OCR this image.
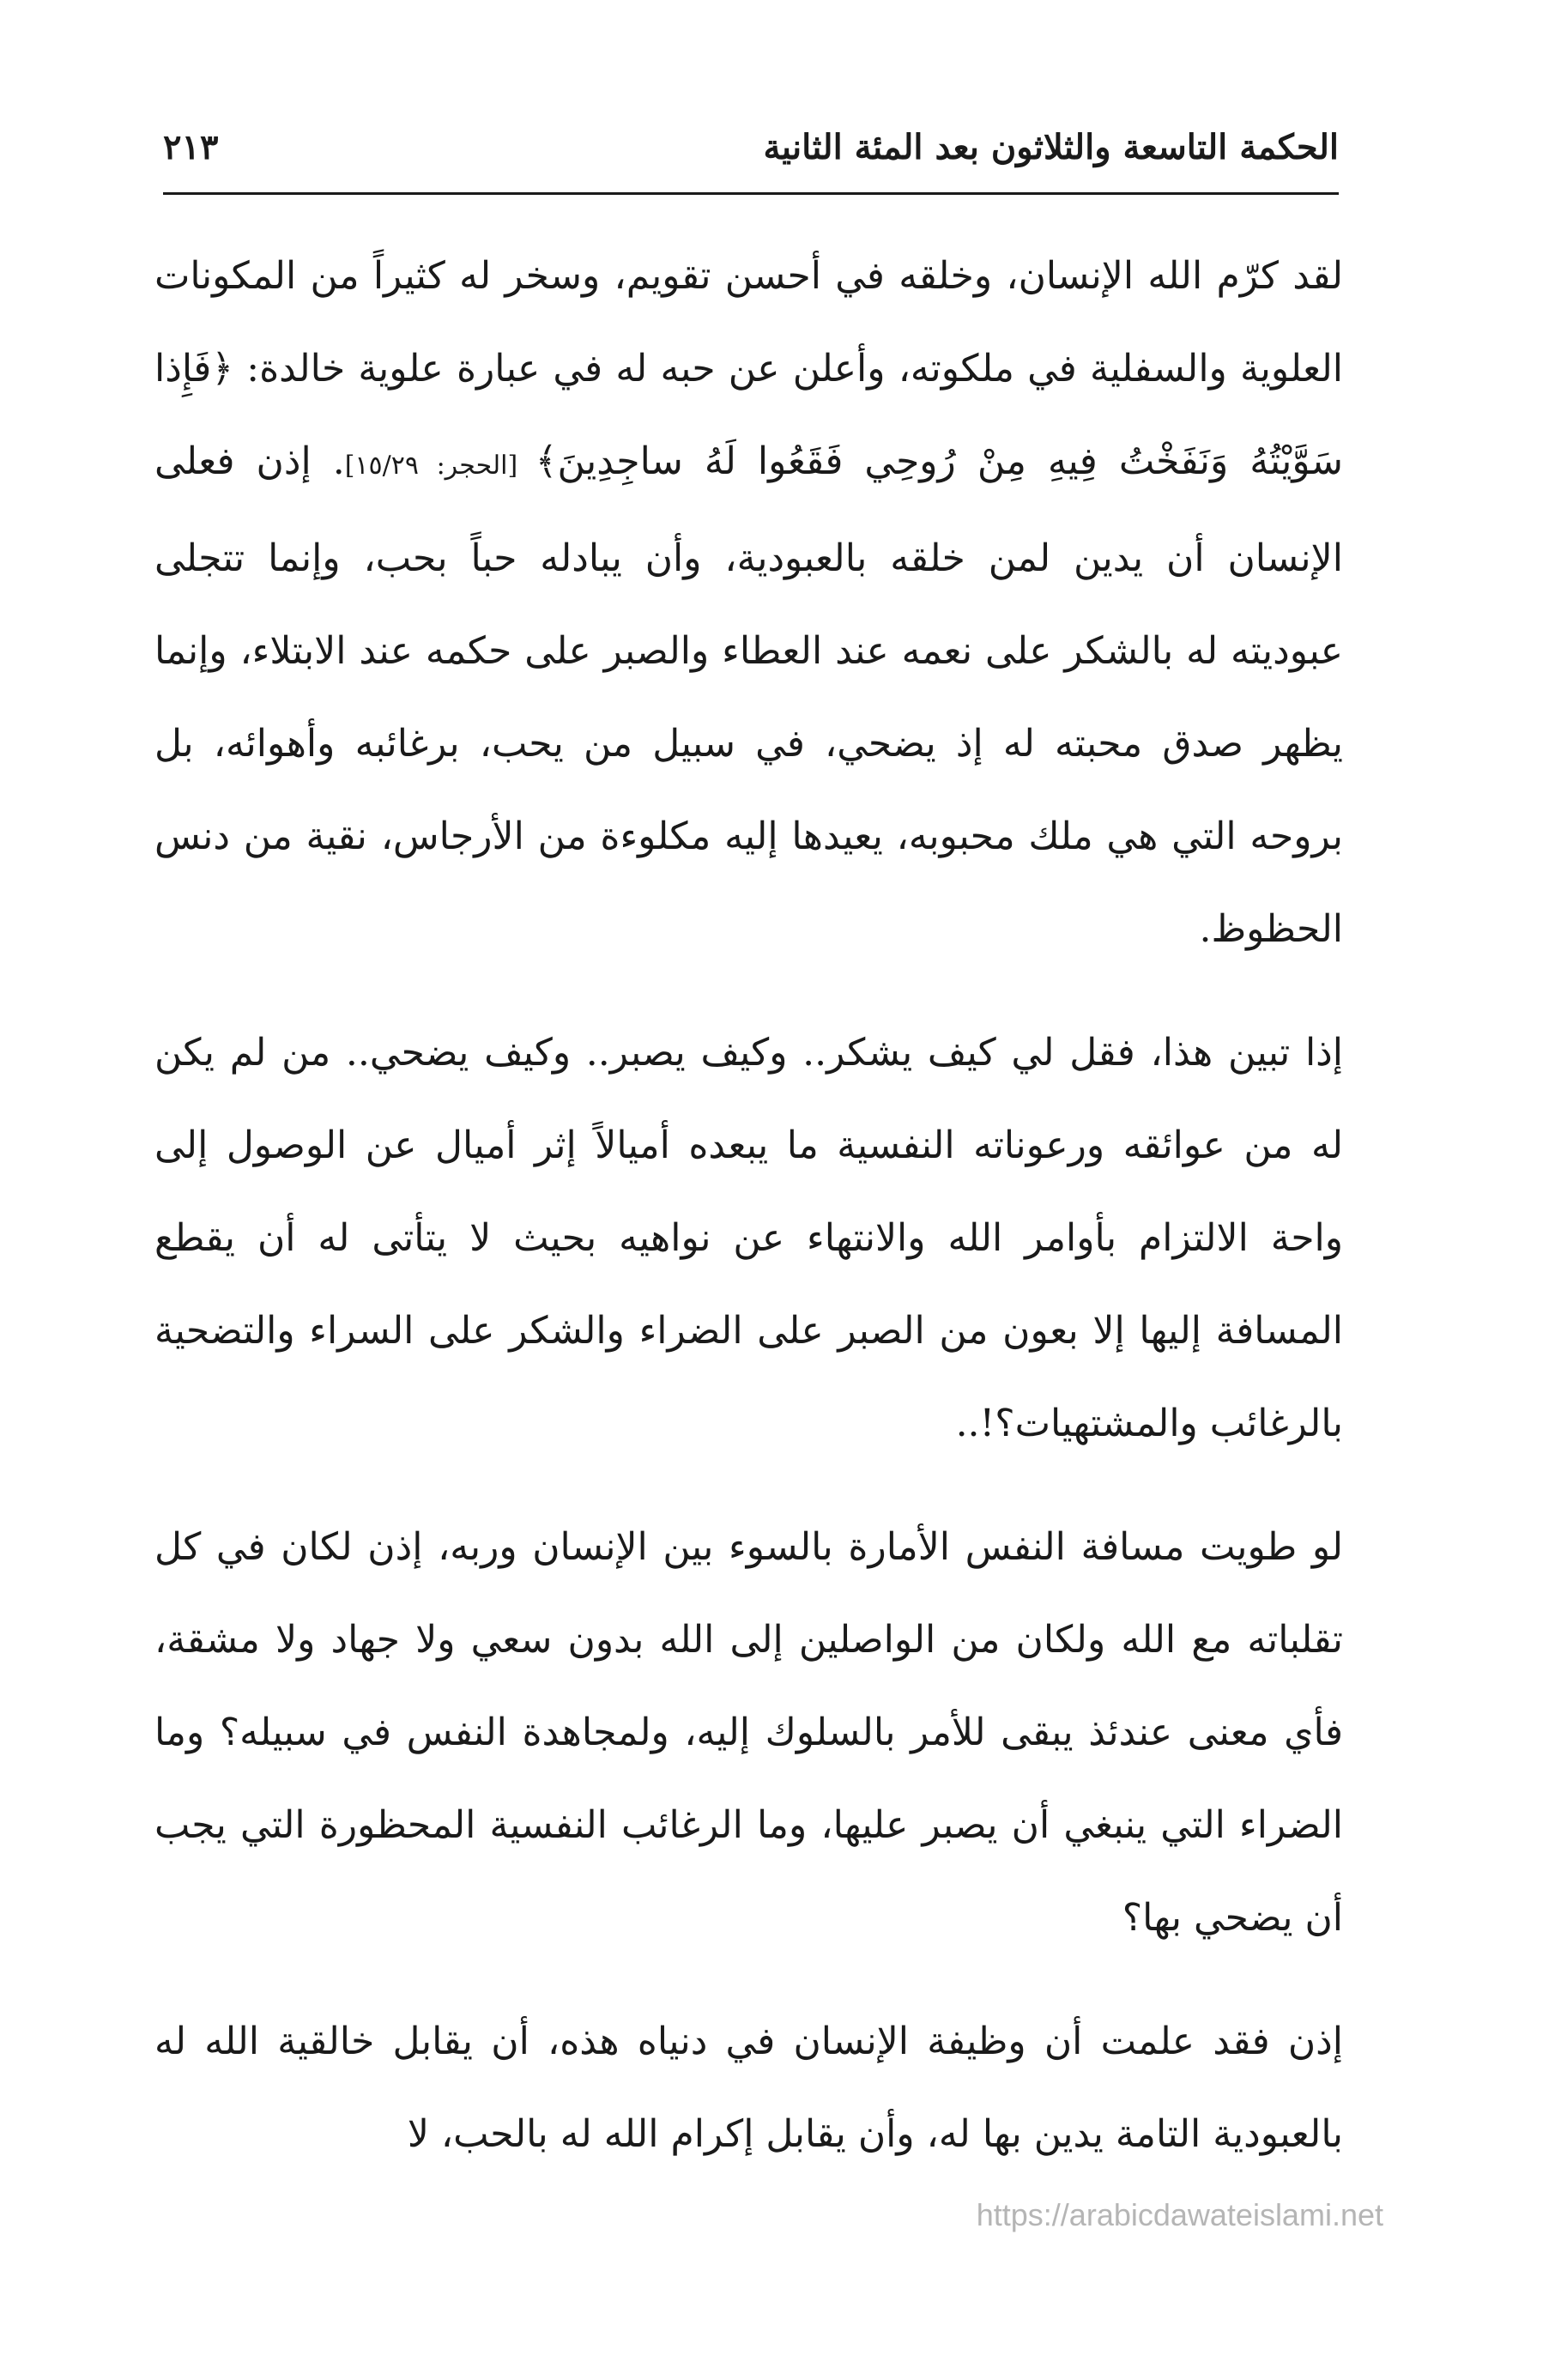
الحكمة التاسعة والثلاثون بعد المئة الثانية
٢١٣

لقد كرّم الله الإنسان، وخلقه في أحسن تقويم، وسخر له كثيراً من المكونات العلوية والسفلية في ملكوته، وأعلن عن حبه له في عبارة علوية خالدة: ﴿فَإِذا سَوَّيْتُهُ وَنَفَخْتُ فِيهِ مِنْ رُوحِي فَقَعُوا لَهُ ساجِدِينَ﴾ [الحجر: ١٥/٢٩]. إذن فعلى الإنسان أن يدين لمن خلقه بالعبودية، وأن يبادله حباً بحب، وإنما تتجلى عبوديته له بالشكر على نعمه عند العطاء والصبر على حكمه عند الابتلاء، وإنما يظهر صدق محبته له إذ يضحي، في سبيل من يحب، برغائبه وأهوائه، بل بروحه التي هي ملك محبوبه، يعيدها إليه مكلوءة من الأرجاس، نقية من دنس الحظوظ.

إذا تبين هذا، فقل لي كيف يشكر.. وكيف يصبر.. وكيف يضحي.. من لم يكن له من عوائقه ورعوناته النفسية ما يبعده أميالاً إثر أميال عن الوصول إلى واحة الالتزام بأوامر الله والانتهاء عن نواهيه بحيث لا يتأتى له أن يقطع المسافة إليها إلا بعون من الصبر على الضراء والشكر على السراء والتضحية بالرغائب والمشتهيات؟!..

لو طويت مسافة النفس الأمارة بالسوء بين الإنسان وربه، إذن لكان في كل تقلباته مع الله ولكان من الواصلين إلى الله بدون سعي ولا جهاد ولا مشقة، فأي معنى عندئذ يبقى للأمر بالسلوك إليه، ولمجاهدة النفس في سبيله؟ وما الضراء التي ينبغي أن يصبر عليها، وما الرغائب النفسية المحظورة التي يجب أن يضحي بها؟

إذن فقد علمت أن وظيفة الإنسان في دنياه هذه، أن يقابل خالقية الله له بالعبودية التامة يدين بها له، وأن يقابل إكرام الله له بالحب، لا

https://arabicdawateislami.net
